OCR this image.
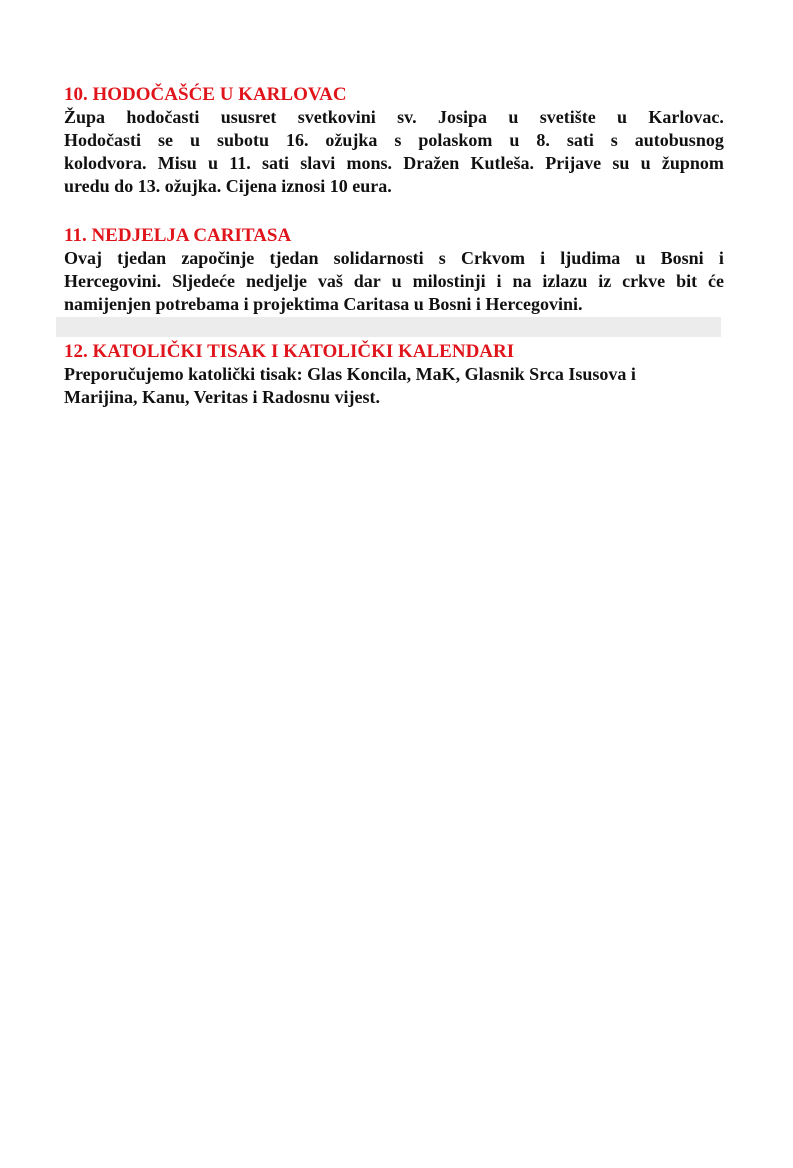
10. HODOČAŠĆE U KARLOVAC
Župa hodočasti ususret svetkovini sv. Josipa u svetište u Karlovac.
Hodočasti se u subotu 16. ožujka s polaskom u 8. sati s autobusnog
kolodvora. Misu u 11. sati slavi mons. Dražen Kutleša. Prijave su u župnom
uredu do 13. ožujka. Cijena iznosi 10 eura.
11. NEDJELJA CARITASA
Ovaj tjedan započinje tjedan solidarnosti s Crkvom i ljudima u Bosni i
Hercegovini. Sljedeće nedjelje vaš dar u milostinji i na izlazu iz crkve bit će
namijenjen potrebama i projektima Caritasa u Bosni i Hercegovini.
12. KATOLIČKI TISAK I KATOLIČKI KALENDARI
Preporučujemo katolički tisak: Glas Koncila, MaK, Glasnik Srca Isusova i
Marijina, Kanu, Veritas i Radosnu vijest.
